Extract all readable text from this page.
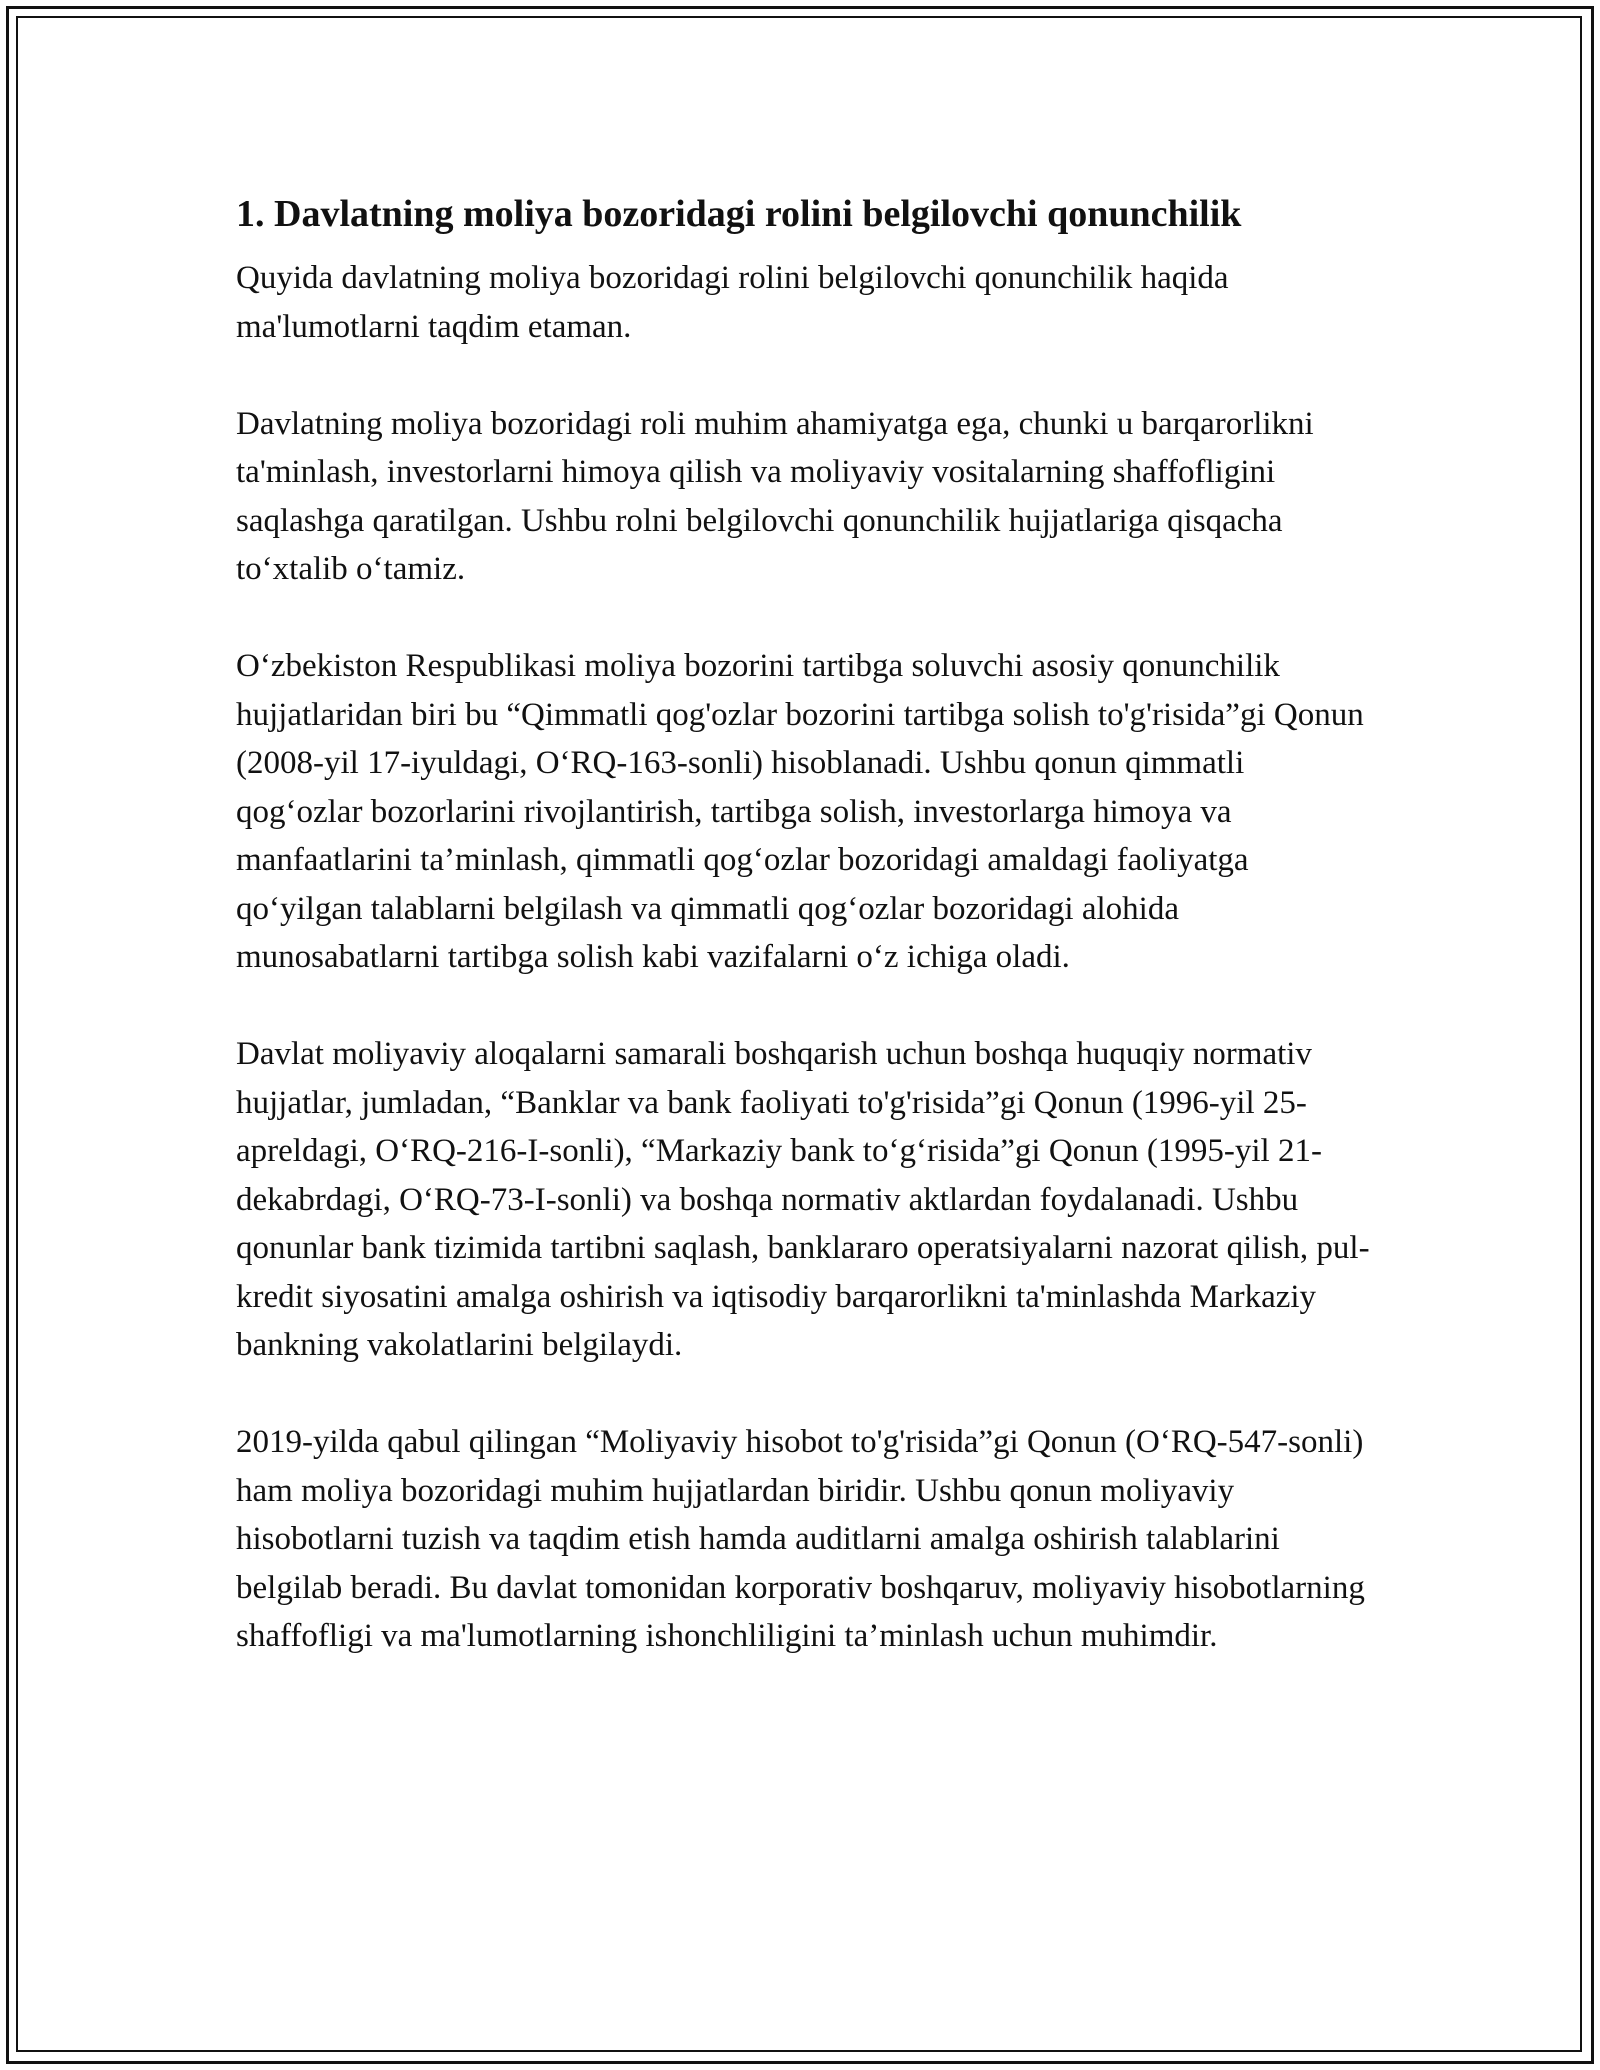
1. Davlatning moliya bozoridagi rolini belgilovchi qonunchilik

Quyida davlatning moliya bozoridagi rolini belgilovchi qonunchilik haqida ma'lumotlarni taqdim etaman.

Davlatning moliya bozoridagi roli muhim ahamiyatga ega, chunki u barqarorlikni ta'minlash, investorlarni himoya qilish va moliyaviy vositalarning shaffofligini saqlashga qaratilgan. Ushbu rolni belgilovchi qonunchilik hujjatlariga qisqacha to‘xtalib o‘tamiz.

O‘zbekiston Respublikasi moliya bozorini tartibga soluvchi asosiy qonunchilik hujjatlaridan biri bu “Qimmatli qog'ozlar bozorini tartibga solish to'g'risida”gi Qonun (2008-yil 17-iyuldagi, O‘RQ-163-sonli) hisoblanadi. Ushbu qonun qimmatli qog‘ozlar bozorlarini rivojlantirish, tartibga solish, investorlarga himoya va manfaatlarini ta’minlash, qimmatli qog‘ozlar bozoridagi amaldagi faoliyatga qo‘yilgan talablarni belgilash va qimmatli qog‘ozlar bozoridagi alohida munosabatlarni tartibga solish kabi vazifalarni o‘z ichiga oladi.

Davlat moliyaviy aloqalarni samarali boshqarish uchun boshqa huquqiy normativ hujjatlar, jumladan, “Banklar va bank faoliyati to'g'risida”gi Qonun (1996-yil 25-apreldagi, O‘RQ-216-I-sonli), “Markaziy bank to‘g‘risida”gi Qonun (1995-yil 21-dekabrdagi, O‘RQ-73-I-sonli) va boshqa normativ aktlardan foydalanadi. Ushbu qonunlar bank tizimida tartibni saqlash, banklararo operatsiyalarni nazorat qilish, pul-kredit siyosatini amalga oshirish va iqtisodiy barqarorlikni ta'minlashda Markaziy bankning vakolatlarini belgilaydi.

2019-yilda qabul qilingan “Moliyaviy hisobot to'g'risida”gi Qonun (O‘RQ-547-sonli) ham moliya bozoridagi muhim hujjatlardan biridir. Ushbu qonun moliyaviy hisobotlarni tuzish va taqdim etish hamda auditlarni amalga oshirish talablarini belgilab beradi. Bu davlat tomonidan korporativ boshqaruv, moliyaviy hisobotlarning shaffofligi va ma'lumotlarning ishonchliligini ta’minlash uchun muhimdir.
